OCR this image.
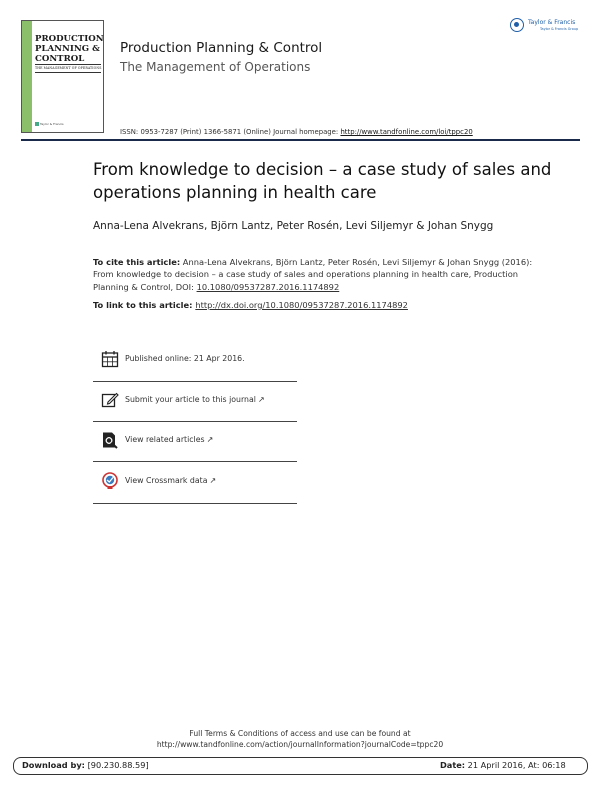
PRODUCTION
PLANNING &
CONTROL
THE MANAGEMENT OF OPERATIONS
Taylor & Francis
Production Planning & Control
The Management of Operations
ISSN: 0953-7287 (Print) 1366-5871 (Online) Journal homepage: http://www.tandfonline.com/loi/tppc20
Taylor & Francis
Taylor & Francis Group
From knowledge to decision – a case study of sales and operations planning in health care
Anna-Lena Alvekrans, Björn Lantz, Peter Rosén, Levi Siljemyr & Johan Snygg
To cite this article: Anna-Lena Alvekrans, Björn Lantz, Peter Rosén, Levi Siljemyr & Johan Snygg (2016): From knowledge to decision – a case study of sales and operations planning in health care, Production Planning & Control, DOI: 10.1080/09537287.2016.1174892
To link to this article: http://dx.doi.org/10.1080/09537287.2016.1174892
Published online: 21 Apr 2016.
Submit your article to this journal ↗
View related articles ↗
View Crossmark data ↗
Full Terms & Conditions of access and use can be found at
http://www.tandfonline.com/action/journalInformation?journalCode=tppc20
Download by: [90.230.88.59]	Date: 21 April 2016, At: 06:18
